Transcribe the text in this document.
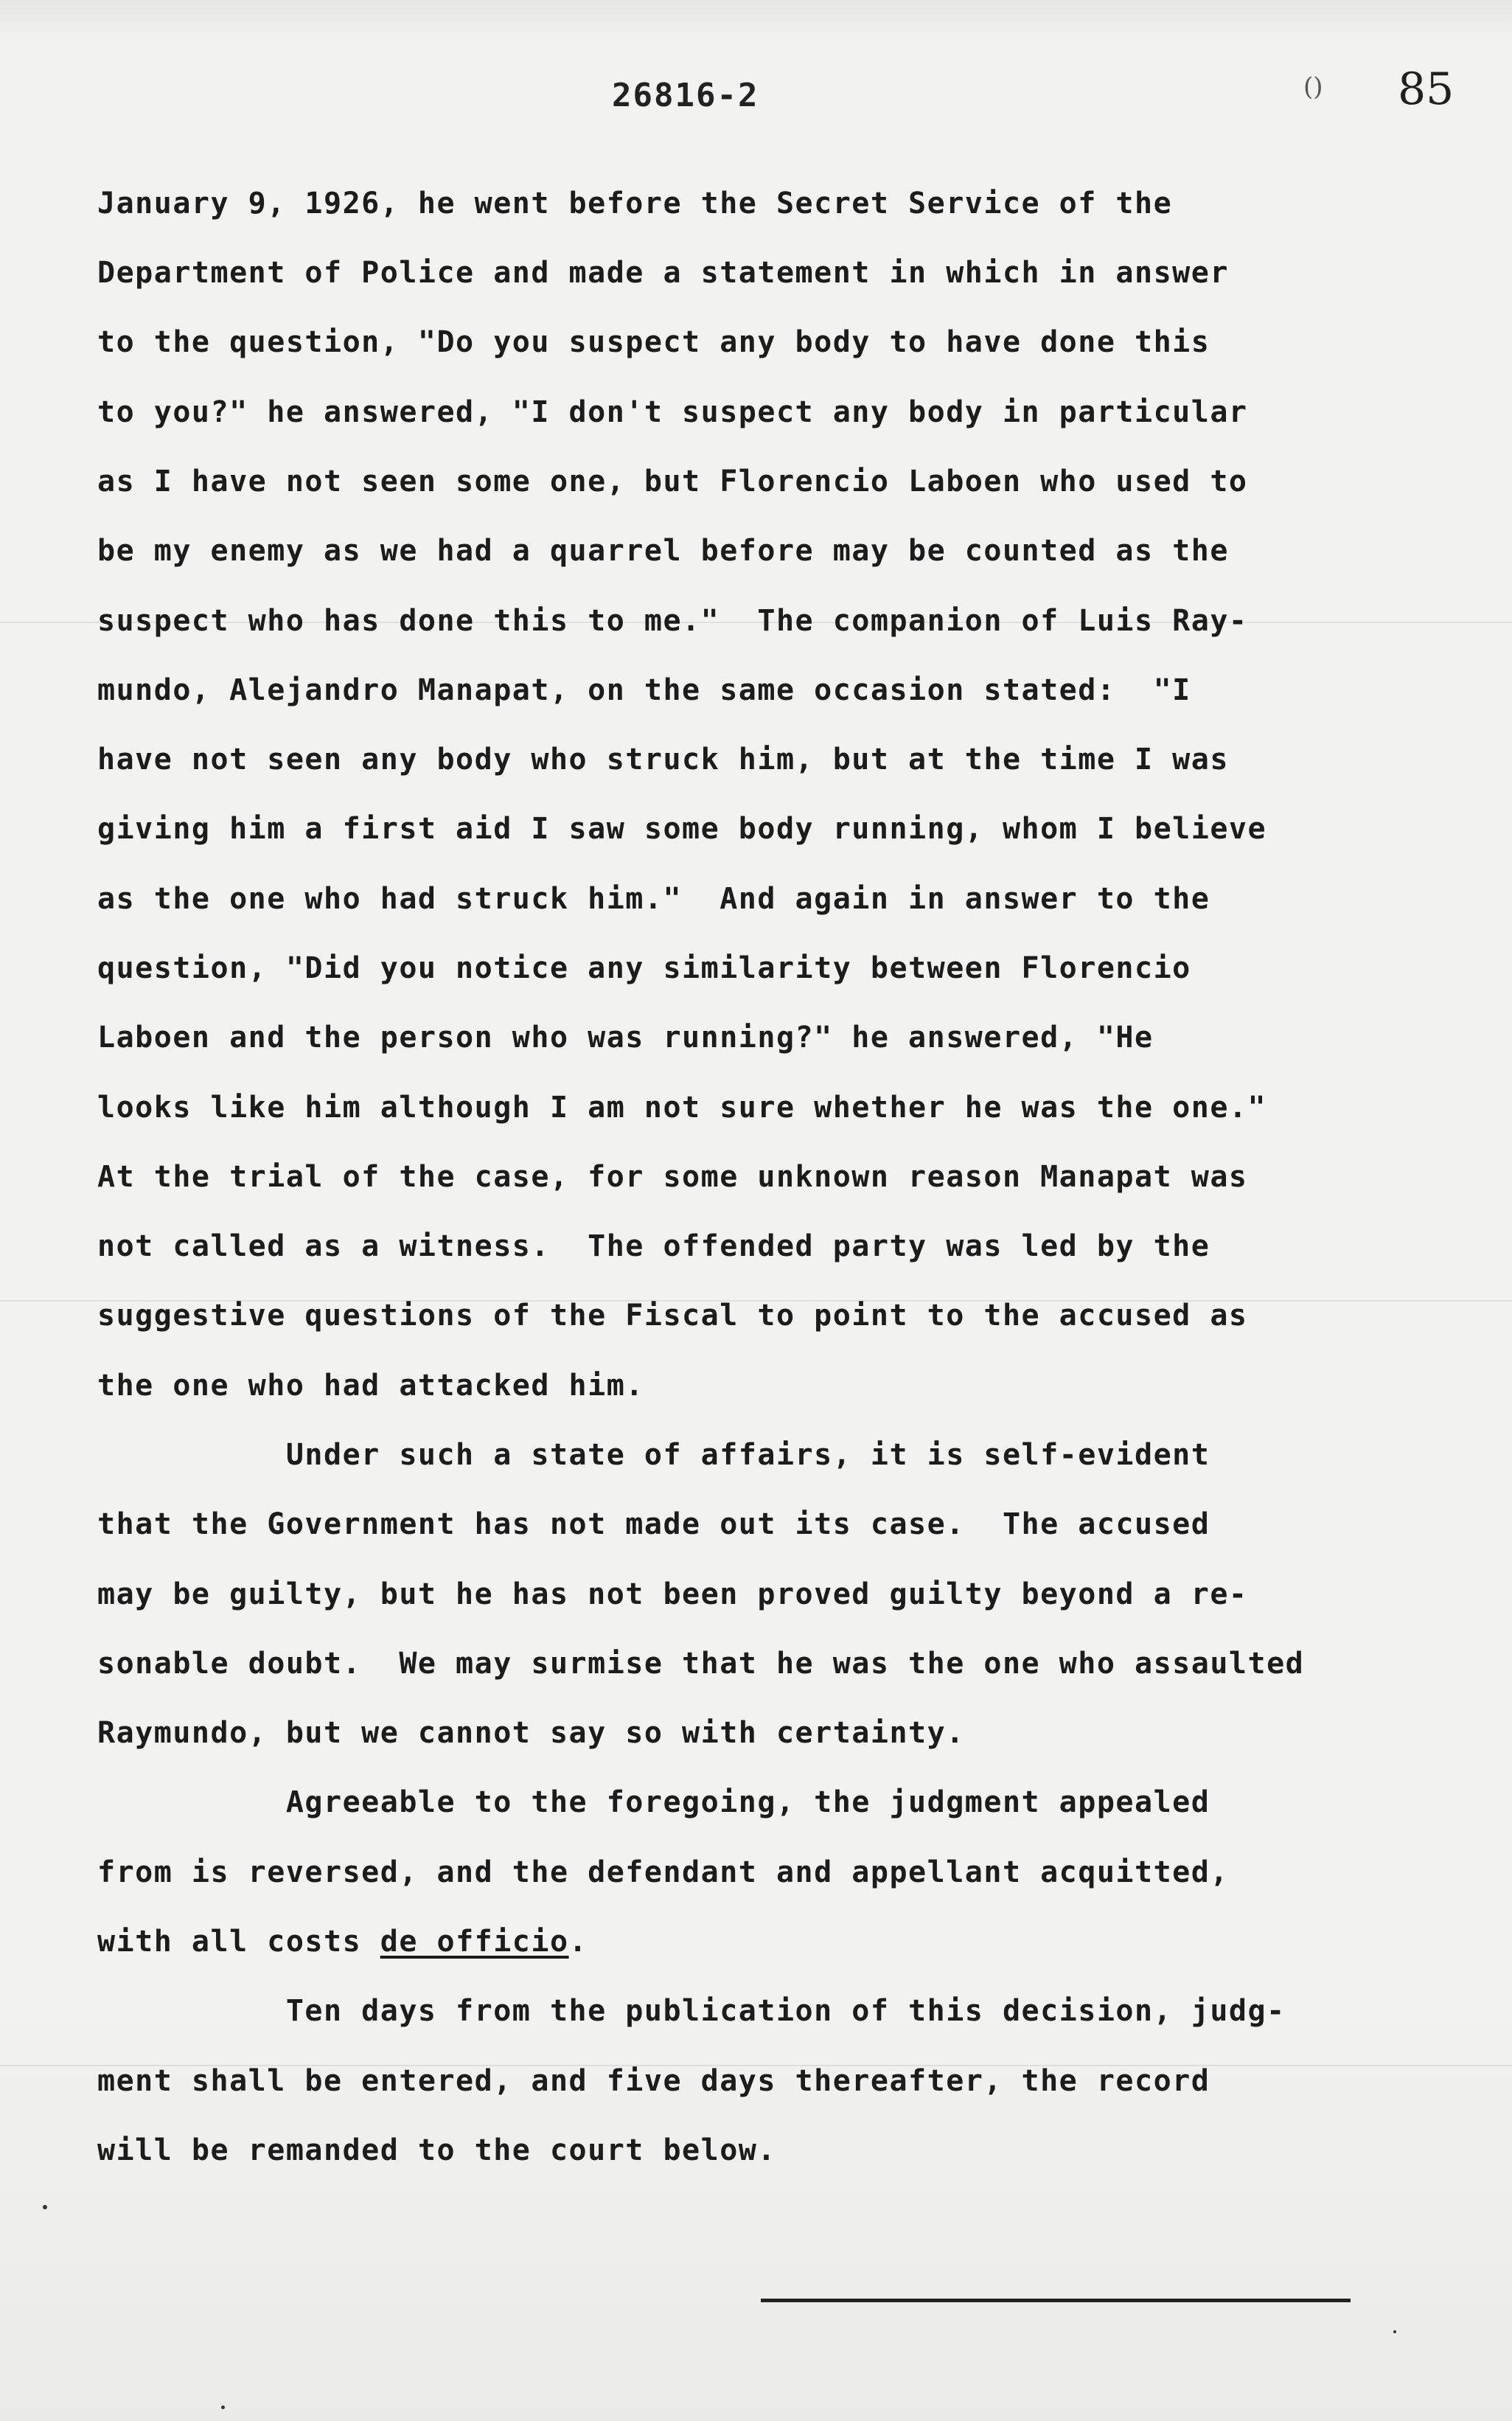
26816-2	() 85
January 9, 1926, he went before the Secret Service of the
Department of Police and made a statement in which in answer
to the question, "Do you suspect any body to have done this
to you?" he answered, "I don't suspect any body in particular
as I have not seen some one, but Florencio Laboen who used to
be my enemy as we had a quarrel before may be counted as the
suspect who has done this to me."  The companion of Luis Ray-
mundo, Alejandro Manapat, on the same occasion stated:  "I
have not seen any body who struck him, but at the time I was
giving him a first aid I saw some body running, whom I believe
as the one who had struck him."  And again in answer to the
question, "Did you notice any similarity between Florencio
Laboen and the person who was running?" he answered, "He
looks like him although I am not sure whether he was the one."
At the trial of the case, for some unknown reason Manapat was
not called as a witness.  The offended party was led by the
suggestive questions of the Fiscal to point to the accused as
the one who had attacked him.
Under such a state of affairs, it is self-evident
that the Government has not made out its case.  The accused
may be guilty, but he has not been proved guilty beyond a re-
sonable doubt.  We may surmise that he was the one who assaulted
Raymundo, but we cannot say so with certainty.
Agreeable to the foregoing, the judgment appealed
from is reversed, and the defendant and appellant acquitted,
with all costs de officio.
Ten days from the publication of this decision, judg-
ment shall be entered, and five days thereafter, the record
will be remanded to the court below.
